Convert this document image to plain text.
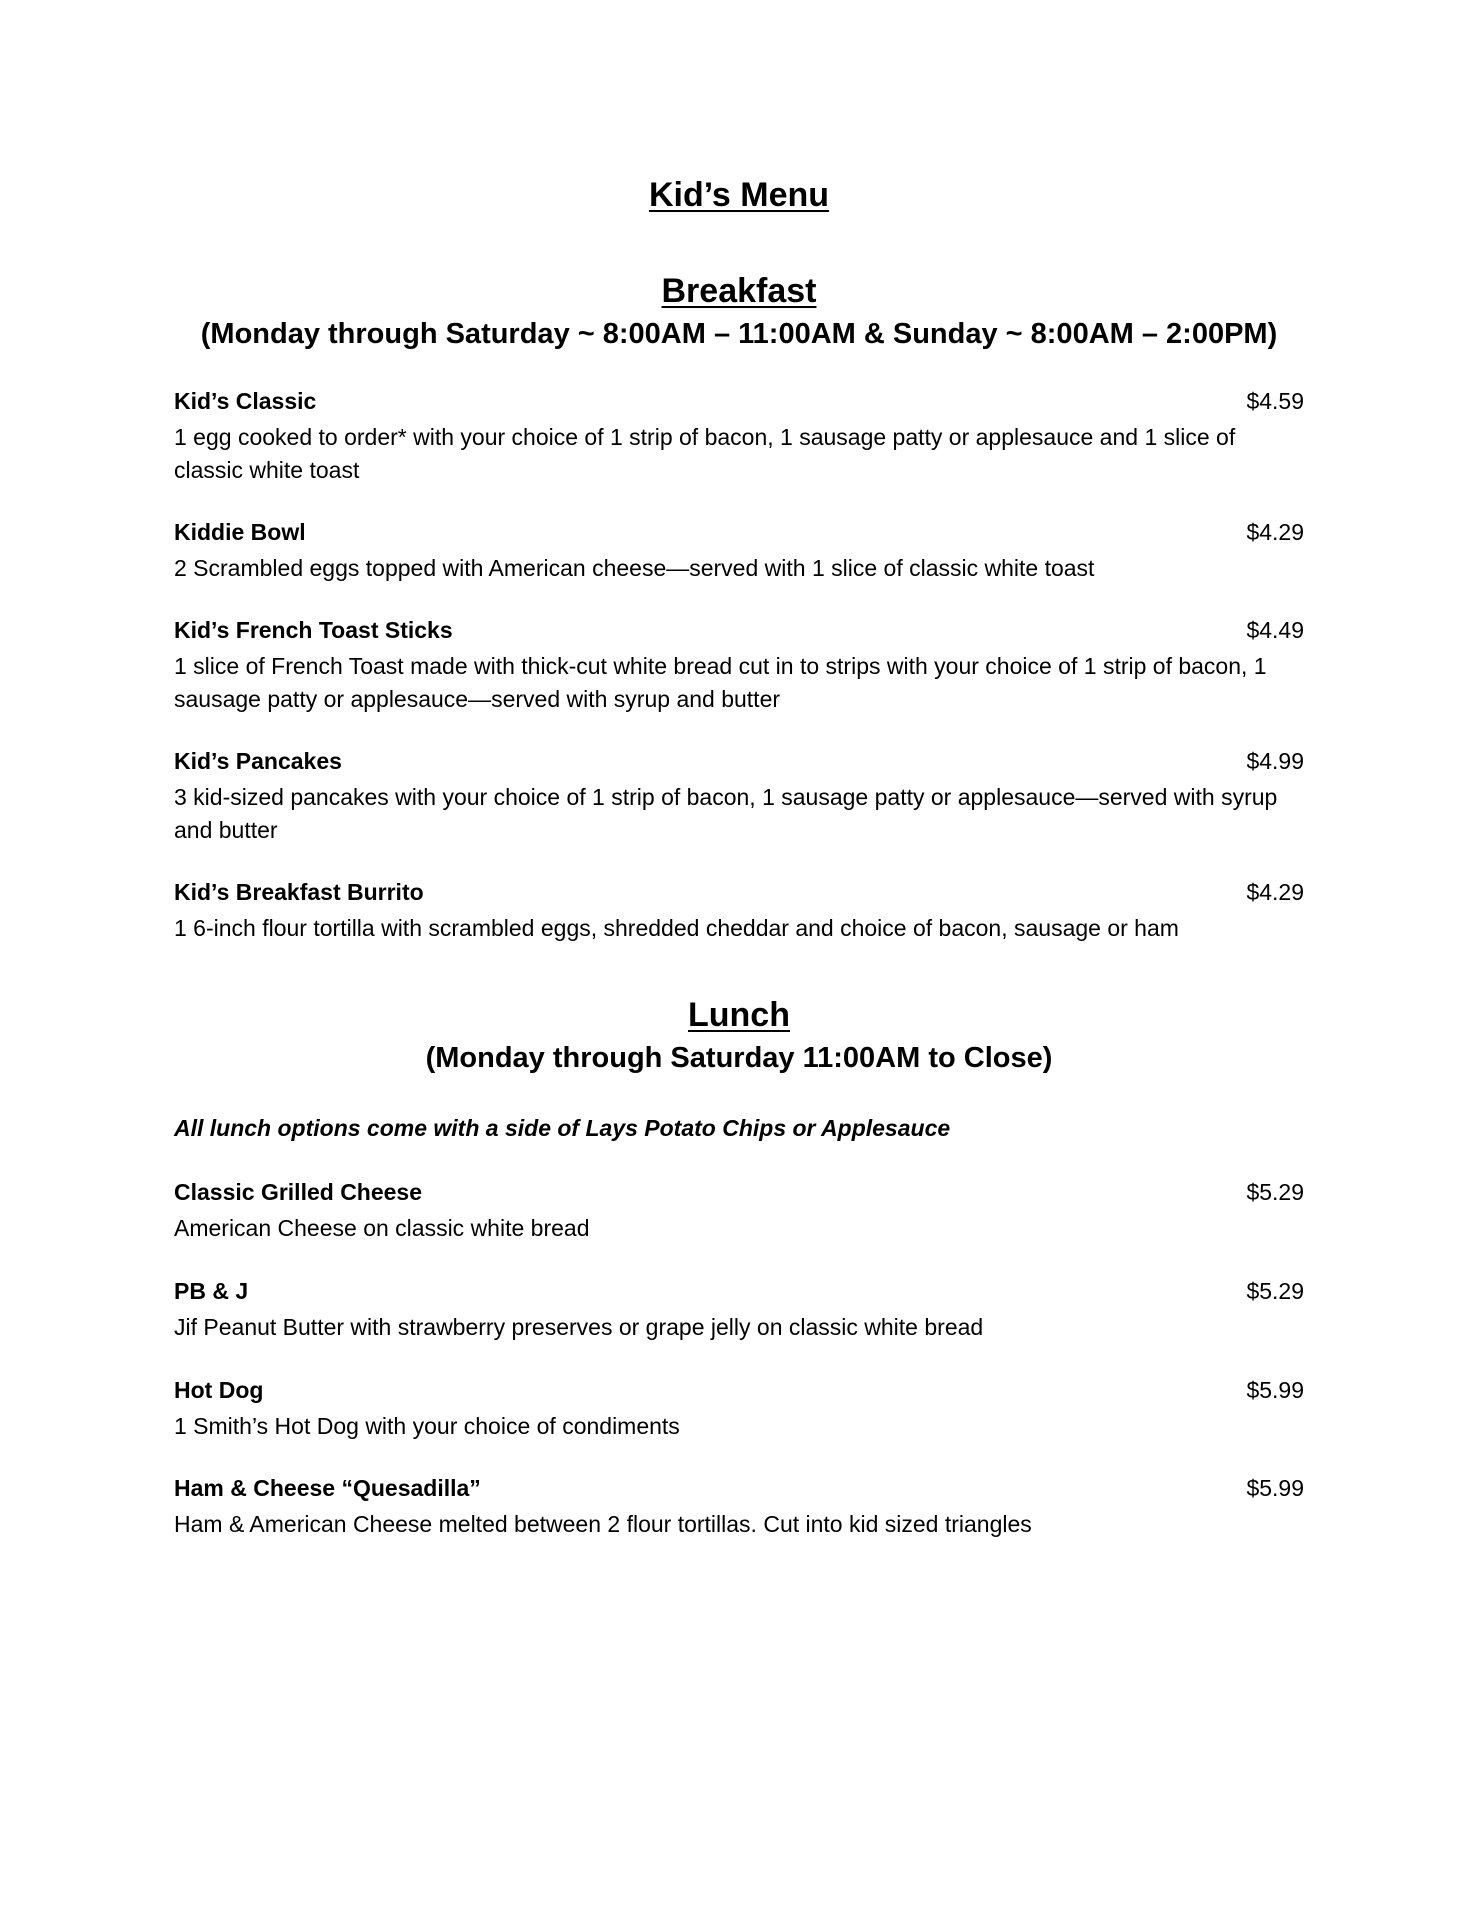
Kid’s Menu
Breakfast

(Monday through Saturday ~ 8:00AM – 11:00AM & Sunday ~ 8:00AM – 2:00PM)

Kid’s Classic	$4.59

1 egg cooked to order* with your choice of 1 strip of bacon, 1 sausage patty or applesauce and 1 slice of classic white toast

Kiddie Bowl	$4.29

2 Scrambled eggs topped with American cheese—served with 1 slice of classic white toast

Kid’s French Toast Sticks	$4.49

1 slice of French Toast made with thick-cut white bread cut in to strips with your choice of 1 strip of bacon, 1 sausage patty or applesauce—served with syrup and butter

Kid’s Pancakes	$4.99

3 kid-sized pancakes with your choice of 1 strip of bacon, 1 sausage patty or applesauce—served with syrup and butter

Kid’s Breakfast Burrito	$4.29

1 6-inch flour tortilla with scrambled eggs, shredded cheddar and choice of bacon, sausage or ham

Lunch

(Monday through Saturday 11:00AM to Close)

All lunch options come with a side of Lays Potato Chips or Applesauce

Classic Grilled Cheese	$5.29

American Cheese on classic white bread

PB & J	$5.29

Jif Peanut Butter with strawberry preserves or grape jelly on classic white bread

Hot Dog	$5.99

1 Smith’s Hot Dog with your choice of condiments

Ham & Cheese “Quesadilla”	$5.99

Ham & American Cheese melted between 2 flour tortillas. Cut into kid sized triangles
